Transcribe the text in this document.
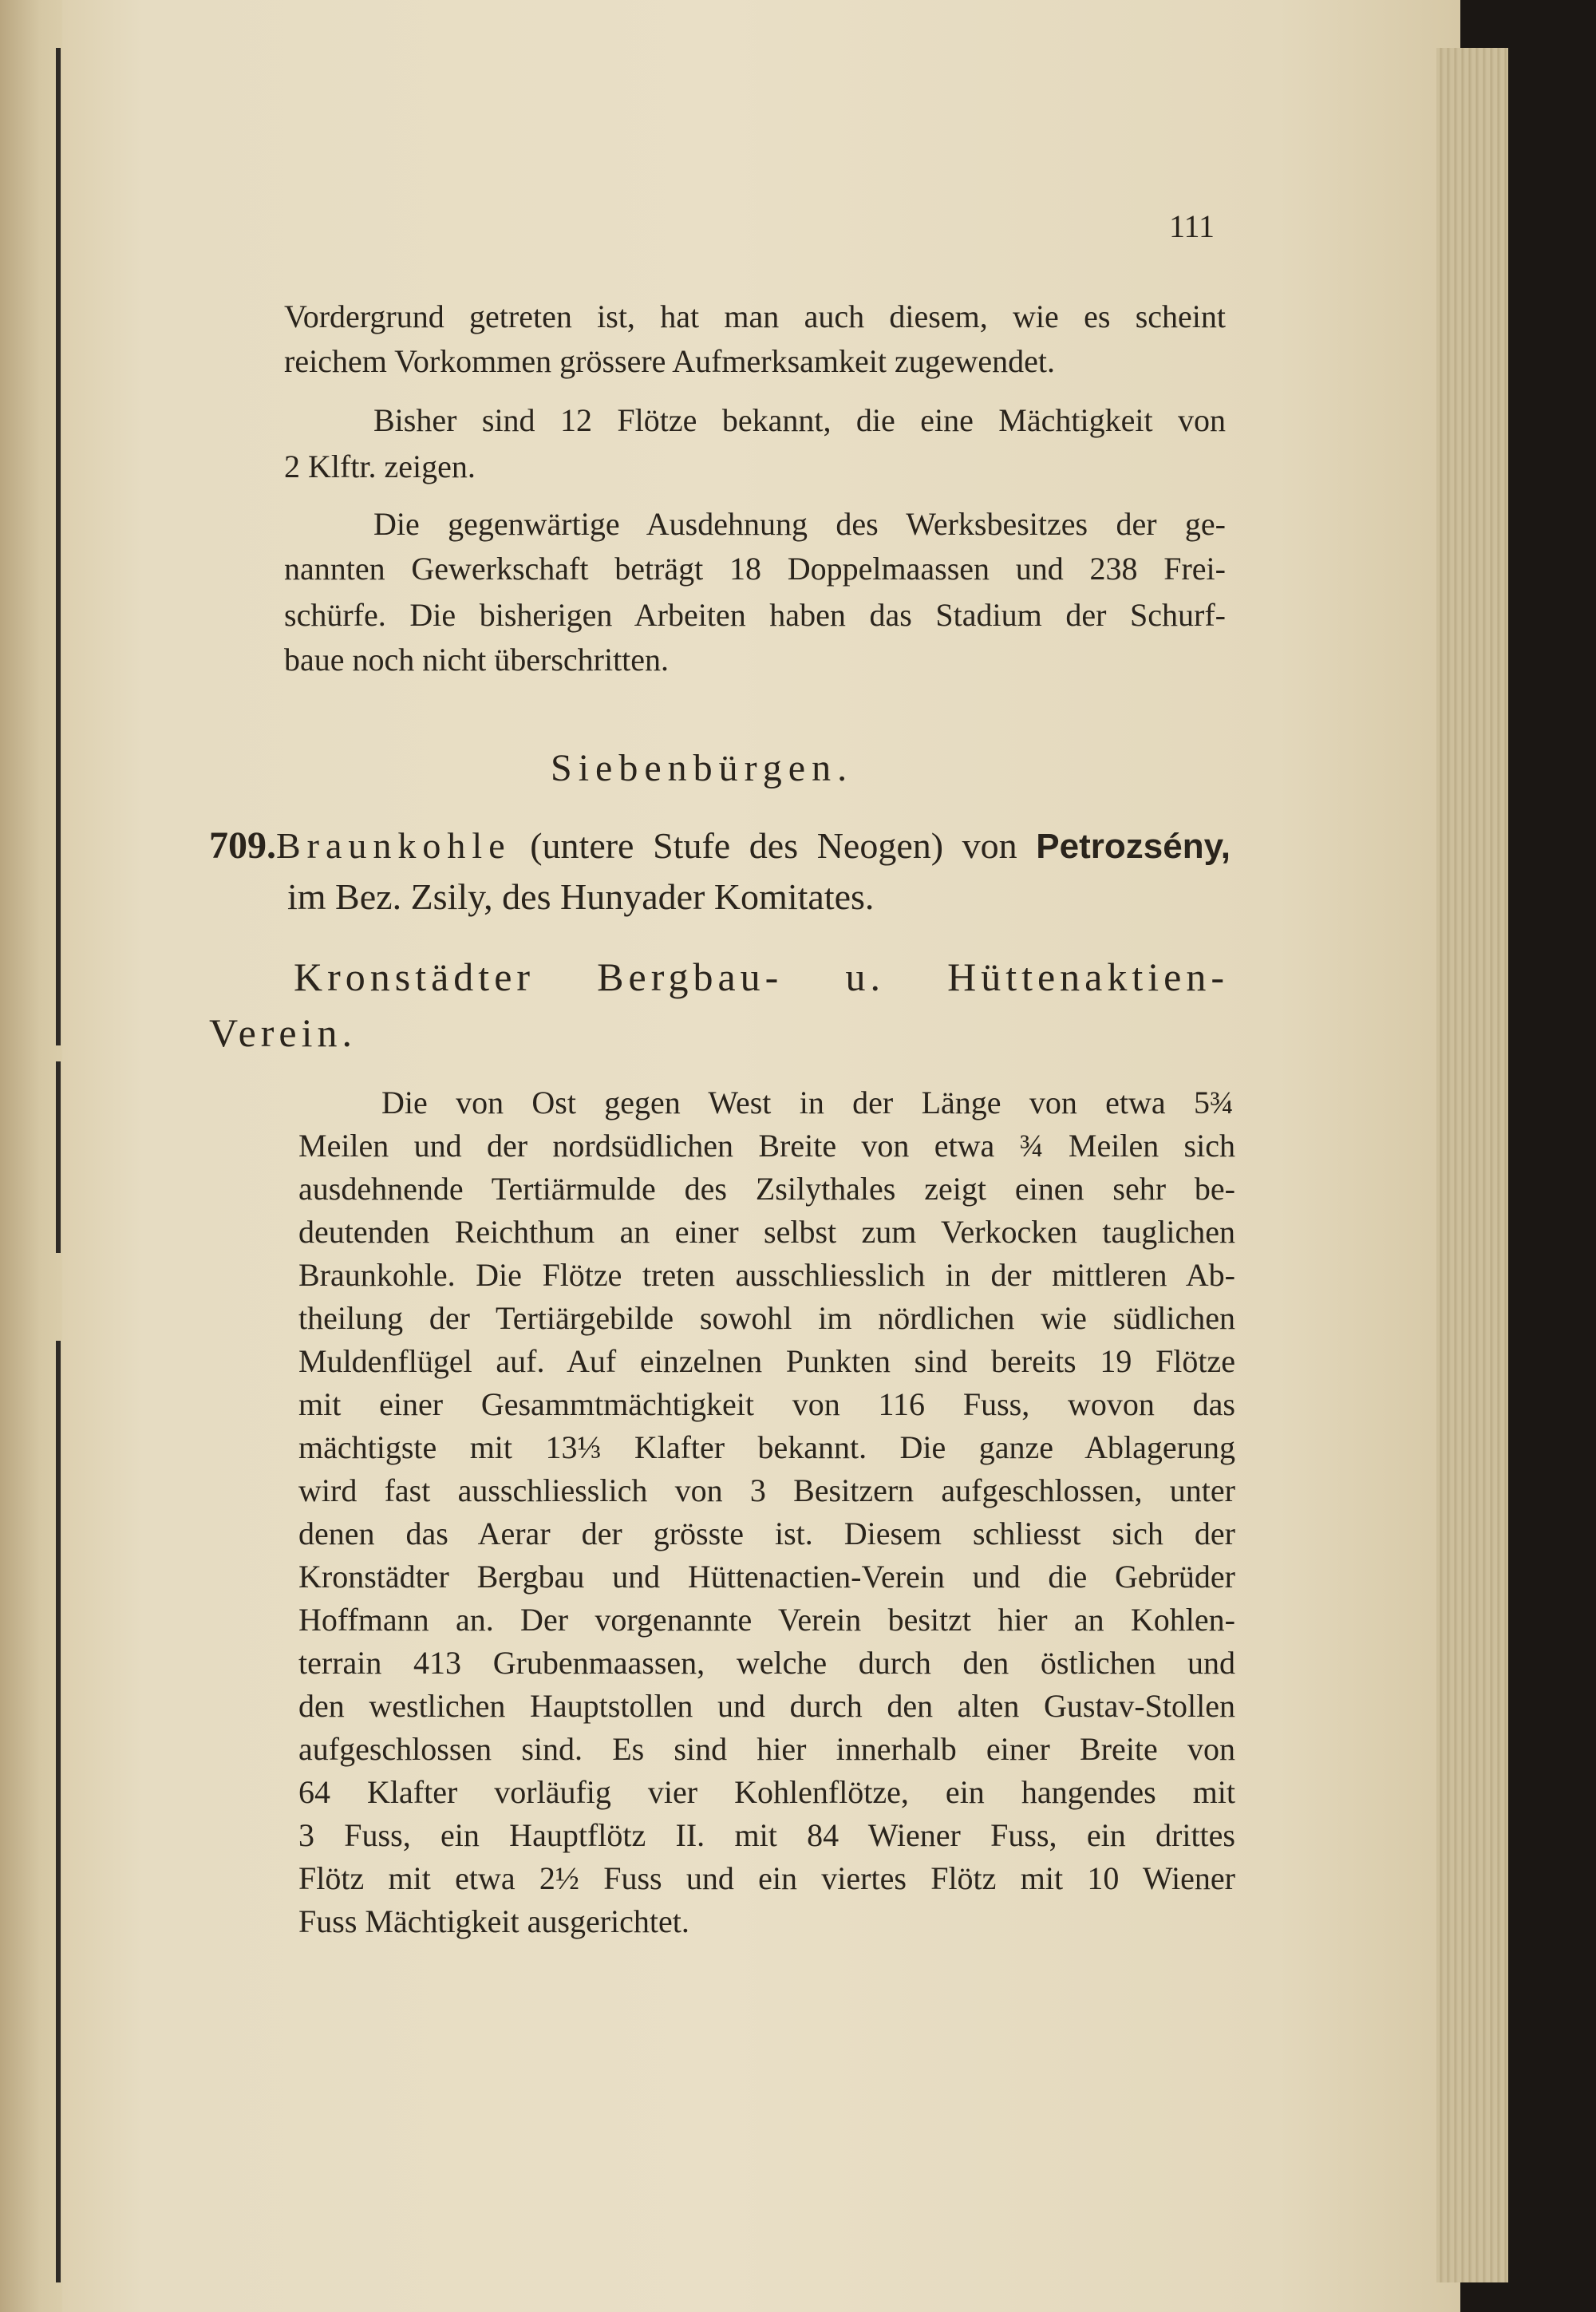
111
Vordergrund getreten ist, hat man auch diesem, wie es scheint
reichem Vorkommen grössere Aufmerksamkeit zugewendet.
Bisher sind 12 Flötze bekannt, die eine Mächtigkeit von
2 Klftr. zeigen.
Die gegenwärtige Ausdehnung des Werksbesitzes der ge-
nannten Gewerkschaft beträgt 18 Doppelmaassen und 238 Frei-
schürfe. Die bisherigen Arbeiten haben das Stadium der Schurf-
baue noch nicht überschritten.
Siebenbürgen.
709.Braunkohle (untere Stufe des Neogen) von Petrozsény,
im Bez. Zsily, des Hunyader Komitates.
Kronstädter Bergbau- u. Hüttenaktien-
Verein.
Die von Ost gegen West in der Länge von etwa 5¾
Meilen und der nordsüdlichen Breite von etwa ¾ Meilen sich
ausdehnende Tertiärmulde des Zsilythales zeigt einen sehr be-
deutenden Reichthum an einer selbst zum Verkocken tauglichen
Braunkohle. Die Flötze treten ausschliesslich in der mittleren Ab-
theilung der Tertiärgebilde sowohl im nördlichen wie südlichen
Muldenflügel auf. Auf einzelnen Punkten sind bereits 19 Flötze
mit einer Gesammtmächtigkeit von 116 Fuss, wovon das
mächtigste mit 13⅓ Klafter bekannt. Die ganze Ablagerung
wird fast ausschliesslich von 3 Besitzern aufgeschlossen, unter
denen das Aerar der grösste ist. Diesem schliesst sich der
Kronstädter Bergbau und Hüttenactien-Verein und die Gebrüder
Hoffmann an. Der vorgenannte Verein besitzt hier an Kohlen-
terrain 413 Grubenmaassen, welche durch den östlichen und
den westlichen Hauptstollen und durch den alten Gustav-Stollen
aufgeschlossen sind. Es sind hier innerhalb einer Breite von
64 Klafter vorläufig vier Kohlenflötze, ein hangendes mit
3 Fuss, ein Hauptflötz II. mit 84 Wiener Fuss, ein drittes
Flötz mit etwa 2½ Fuss und ein viertes Flötz mit 10 Wiener
Fuss Mächtigkeit ausgerichtet.
